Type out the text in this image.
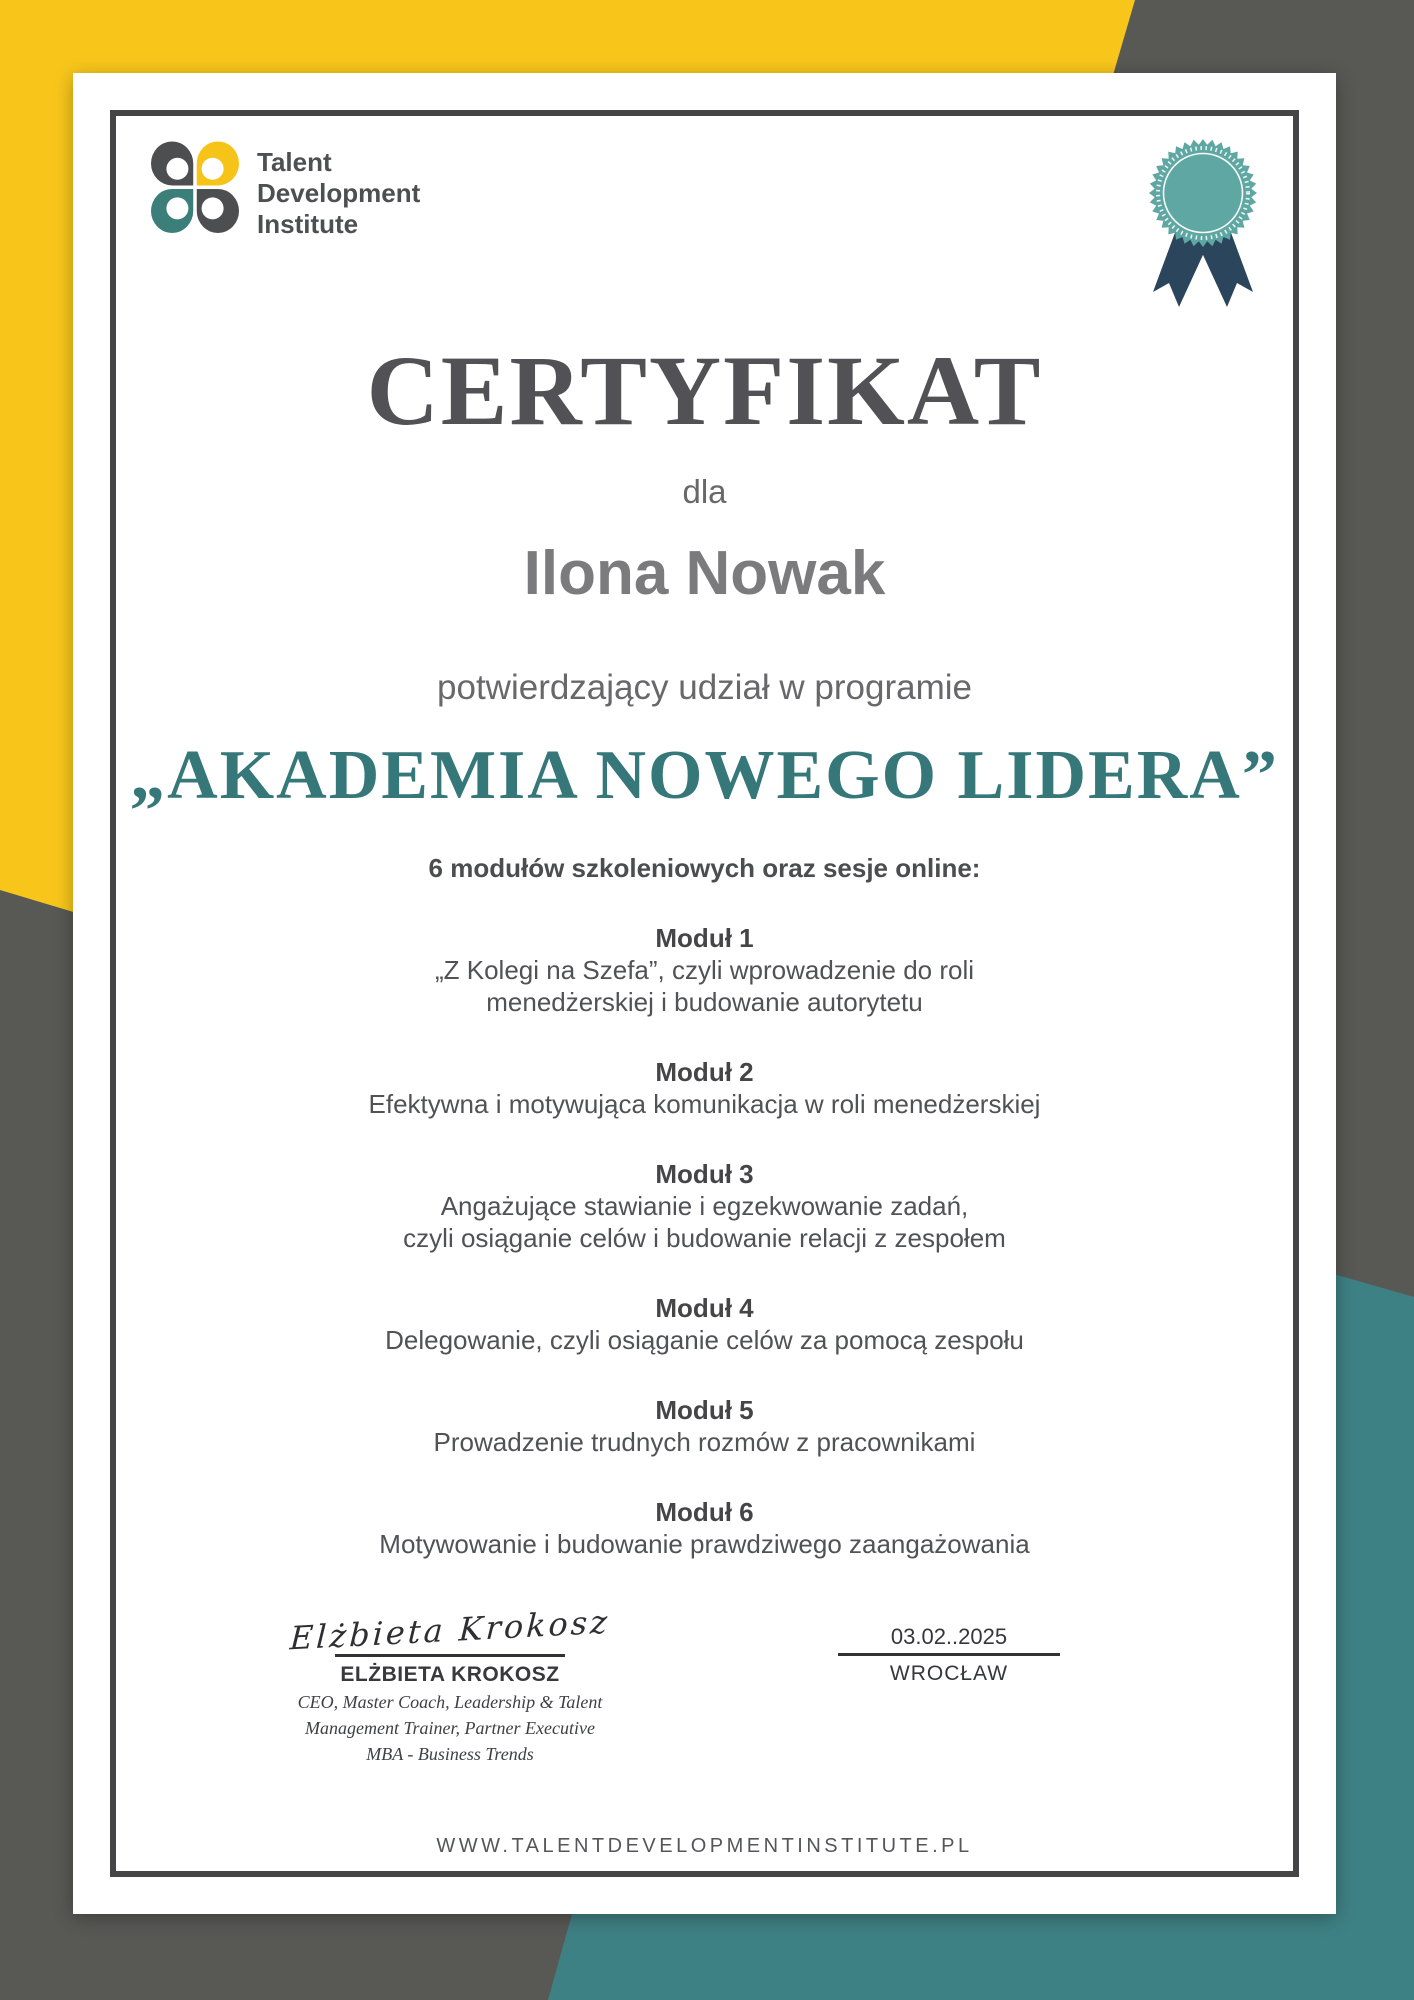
Talent
Development
Institute
CERTYFIKAT
dla
Ilona Nowak
potwierdzający udział w programie
„AKADEMIA NOWEGO LIDERA”
6 modułów szkoleniowych oraz sesje online:
Moduł 1
„Z Kolegi na Szefa”, czyli wprowadzenie do roli
menedżerskiej i budowanie autorytetu
Moduł 2
Efektywna i motywująca komunikacja w roli menedżerskiej
Moduł 3
Angażujące stawianie i egzekwowanie zadań,
czyli osiąganie celów i budowanie relacji z zespołem
Moduł 4
Delegowanie, czyli osiąganie celów za pomocą zespołu
Moduł 5
Prowadzenie trudnych rozmów z pracownikami
Moduł 6
Motywowanie i budowanie prawdziwego zaangażowania
Elżbieta Krokosz
ELŻBIETA KROKOSZ
CEO, Master Coach, Leadership & Talent
Management Trainer, Partner Executive
MBA - Business Trends
03.02..2025
WROCŁAW
WWW.TALENTDEVELOPMENTINSTITUTE.PL
